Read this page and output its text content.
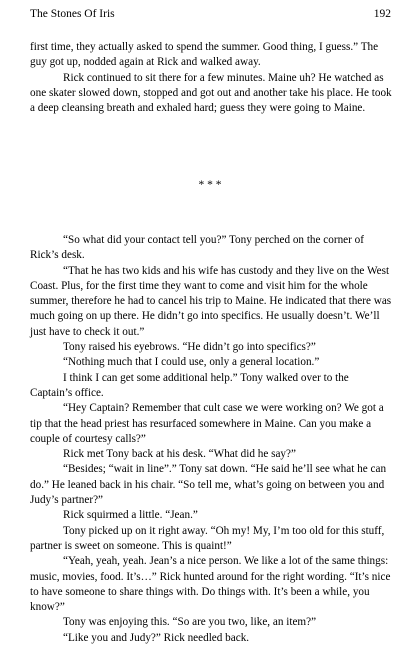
The Stones Of Iris	192

first time, they actually asked to spend the summer. Good thing, I guess.” The guy got up, nodded again at Rick and walked away.

Rick continued to sit there for a few minutes. Maine uh? He watched as one skater slowed down, stopped and got out and another take his place. He took a deep cleansing breath and exhaled hard; guess they were going to Maine.

* * *

“So what did your contact tell you?” Tony perched on the corner of Rick’s desk.

“That he has two kids and his wife has custody and they live on the West Coast. Plus, for the first time they want to come and visit him for the whole summer, therefore he had to cancel his trip to Maine. He indicated that there was much going on up there. He didn’t go into specifics. He usually doesn’t. We’ll just have to check it out.”

Tony raised his eyebrows. “He didn’t go into specifics?”

“Nothing much that I could use, only a general location.”

I think I can get some additional help.” Tony walked over to the Captain’s office.

“Hey Captain? Remember that cult case we were working on? We got a tip that the head priest has resurfaced somewhere in Maine. Can you make a couple of courtesy calls?”

Rick met Tony back at his desk. “What did he say?”

“Besides; “wait in line”.” Tony sat down. “He said he’ll see what he can do.” He leaned back in his chair. “So tell me, what’s going on between you and Judy’s partner?”

Rick squirmed a little. “Jean.”

Tony picked up on it right away. “Oh my! My, I’m too old for this stuff, partner is sweet on someone. This is quaint!”

“Yeah, yeah, yeah. Jean’s a nice person. We like a lot of the same things: music, movies, food. It’s…” Rick hunted around for the right wording. “It’s nice to have someone to share things with. Do things with. It’s been a while, you know?”

Tony was enjoying this. “So are you two, like, an item?”

“Like you and Judy?” Rick needled back.
